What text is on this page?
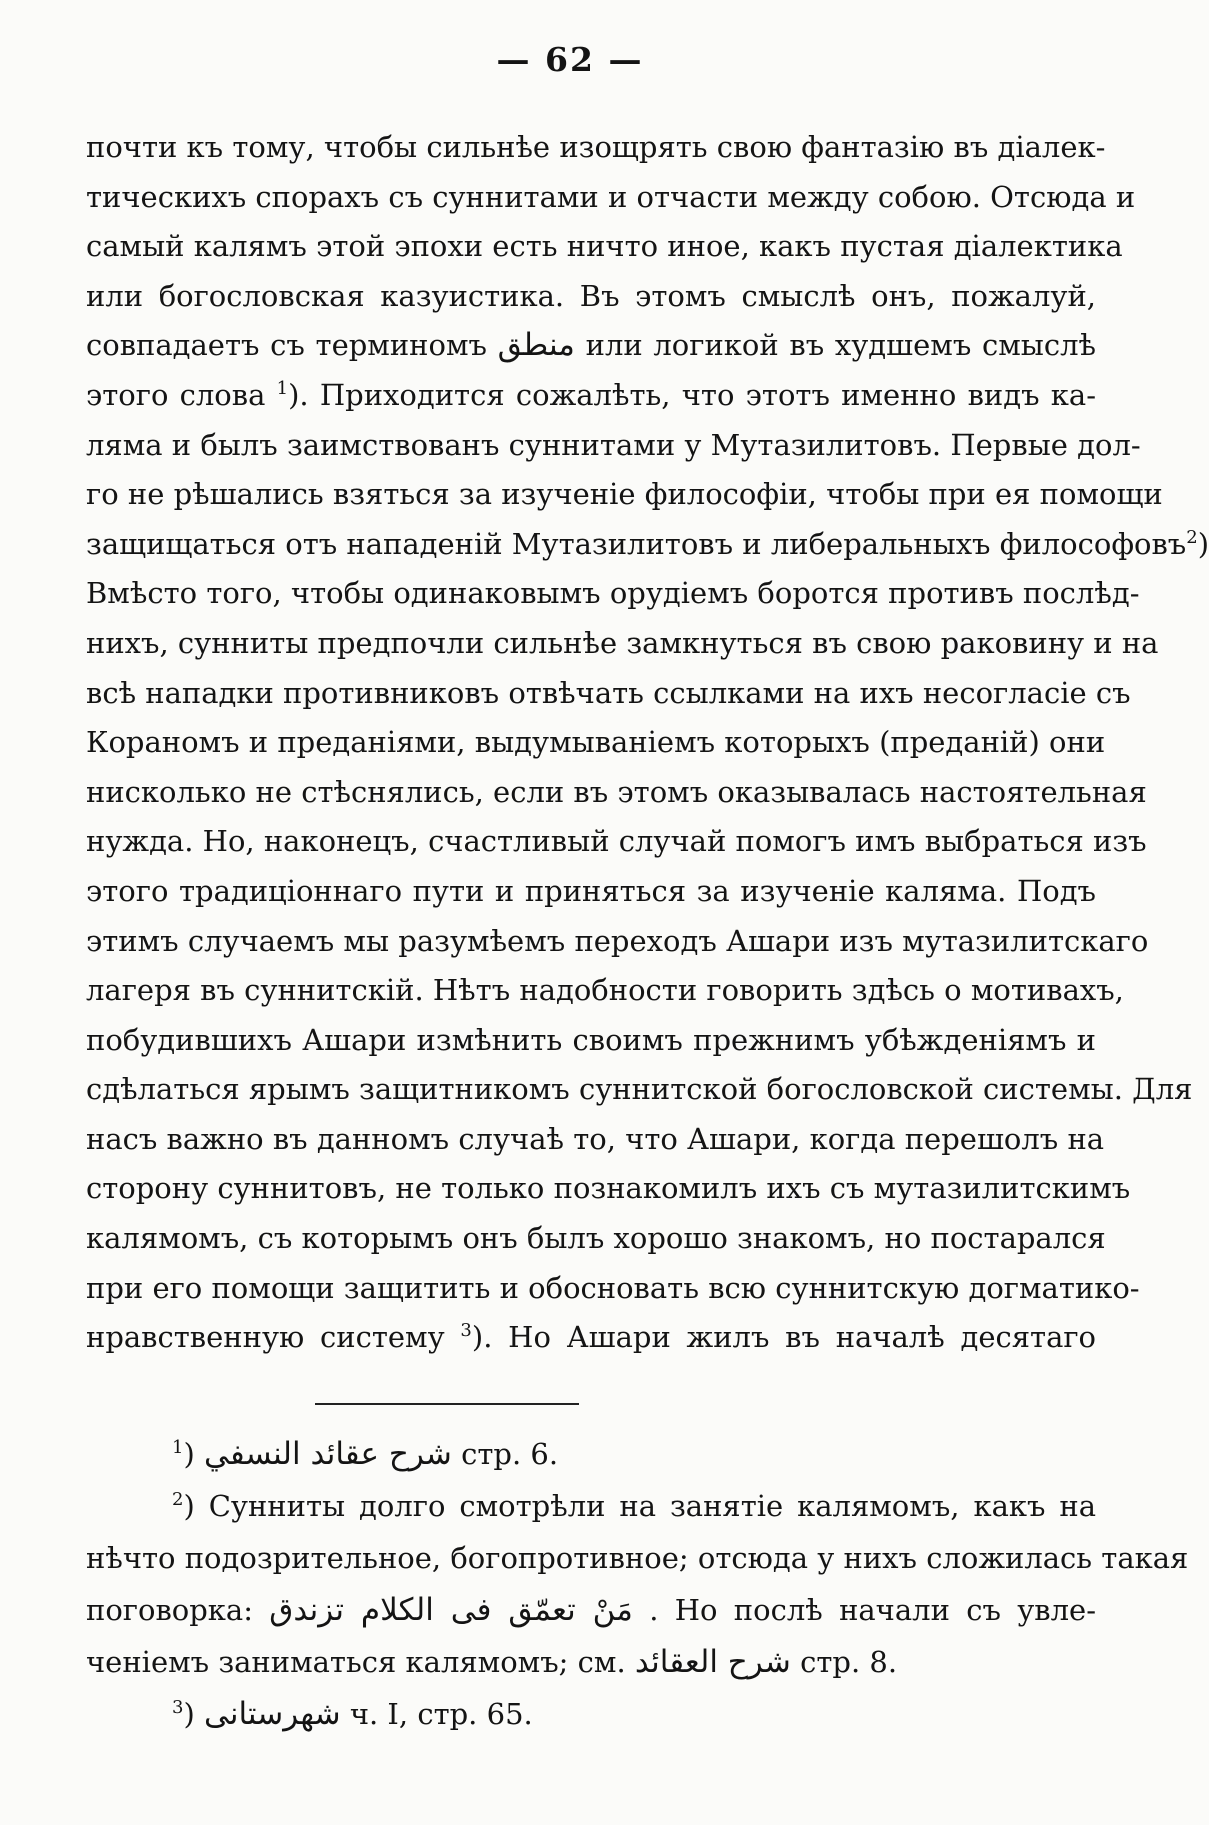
— 62 —
почти къ тому, чтобы сильнѣе изощрять свою фантазію въ діалек-
тическихъ спорахъ съ суннитами и отчасти между собою. Отсюда и
самый калямъ этой эпохи есть ничто иное, какъ пустая діалектика
или богословская казуистика. Въ этомъ смыслѣ онъ, пожалуй,
совпадаетъ съ терминомъ منطق или логикой въ худшемъ смыслѣ
этого слова $^1$). Приходится сожалѣть, что этотъ именно видъ ка-
ляма и былъ заимствованъ суннитами у Мутазилитовъ. Первые дол-
го не рѣшались взяться за изученіе философіи, чтобы при ея помощи
защищаться отъ нападеній Мутазилитовъ и либеральныхъ философовъ$^2$)
Вмѣсто того, чтобы одинаковымъ орудіемъ боротся противъ послѣд-
нихъ, сунниты предпочли сильнѣе замкнуться въ свою раковину и на
всѣ нападки противниковъ отвѣчать ссылками на ихъ несогласіе съ
Кораномъ и преданіями, выдумываніемъ которыхъ (преданій) они
нисколько не стѣснялись, если въ этомъ оказывалась настоятельная
нужда. Но, наконецъ, счастливый случай помогъ имъ выбраться изъ
этого традиціоннаго пути и приняться за изученіе каляма. Подъ
этимъ случаемъ мы разумѣемъ переходъ Ашари изъ мутазилитскаго
лагеря въ суннитскій. Нѣтъ надобности говорить здѣсь о мотивахъ,
побудившихъ Ашари измѣнить своимъ прежнимъ убѣжденіямъ и
сдѣлаться ярымъ защитникомъ суннитской богословской системы. Для
насъ важно въ данномъ случаѣ то, что Ашари, когда перешолъ на
сторону суннитовъ, не только познакомилъ ихъ съ мутазилитскимъ
калямомъ, съ которымъ онъ былъ хорошо знакомъ, но постарался
при его помощи защитить и обосновать всю суннитскую догматико-
нравственную систему $^3$). Но Ашари жилъ въ началѣ десятаго
$^1$) شرح عقائد النسفي стр. 6.
$^2$) Сунниты долго смотрѣли на занятіе калямомъ, какъ на
нѣчто подозрительное, богопротивное; отсюда у нихъ сложилась такая
поговорка: مَنْ تعمّق فى الكلام تزندق . Но послѣ начали съ увле-
ченіемъ заниматься калямомъ; см. شرح العقائد стр. 8.
$^3$) شهرستانى ч. I, стр. 65.
